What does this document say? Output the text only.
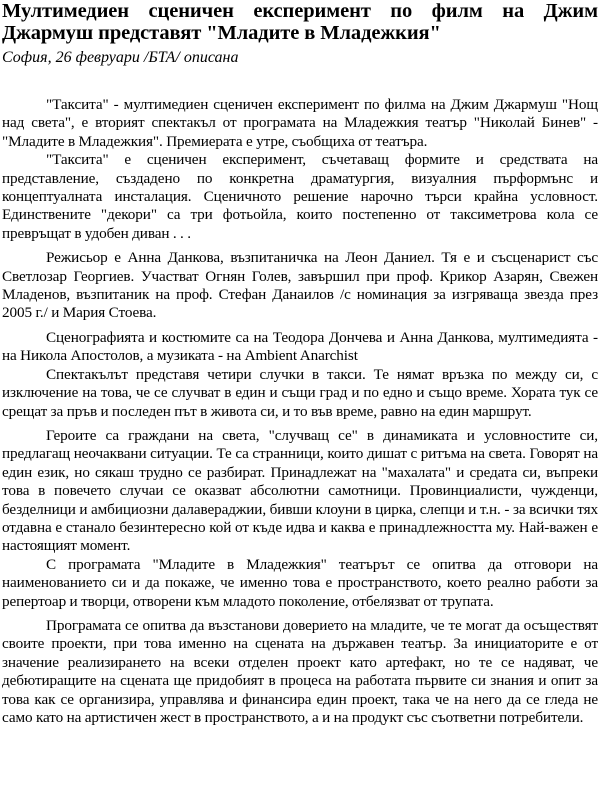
Мултимедиен сценичен експеримент по филм на Джим Джармуш представят "Младите в Младежкия"
София, 26 февруари /БТА/ описана

"Таксита" - мултимедиен сценичен експеримент по филма на Джим Джармуш "Нощ над света", е вторият спектакъл от програмата на Младежкия театър "Николай Бинев" - "Младите в Младежкия". Премиерата е утре, съобщиха от театъра.

"Таксита" е сценичен експеримент, съчетаващ формите и средствата на представление, създадено по конкретна драматургия, визуалния пърформънс и концептуалната инсталация. Сценичното решение нарочно търси крайна условност. Единствените "декори" са три фотьойла, които постепенно от таксиметрова кола се превръщат в удобен диван . . .

Режисьор е Анна Данкова, възпитаничка на Леон Даниел. Тя е и съсценарист със Светлозар Георгиев. Участват Огнян Голев, завършил при проф. Крикор Азарян, Свежен Младенов, възпитаник на проф. Стефан Данаилов /с номинация за изгряваща звезда през 2005 г./ и Мария Стоева.

Сценографията и костюмите са на Теодора Дончева и Анна Данкова, мултимедията - на Никола Апостолов, а музиката - на Ambient Anarchist

Спектакълът представя четири случки в такси. Те нямат връзка по между си, с изключение на това, че се случват в един и същи град и по едно и също време. Хората тук се срещат за пръв и последен път в живота си, и то във време, равно на един маршрут.

Героите са граждани на света, "случващ се" в динамиката и условностите си, предлагащ неочаквани ситуации. Те са странници, които дишат с ритъма на света. Говорят на един език, но сякаш трудно се разбират. Принадлежат на "махалата" и средата си, въпреки това в повечето случаи се оказват абсолютни самотници. Провинциалисти, чужденци, безделници и амбициозни далавераджии, бивши клоуни в цирка, слепци и т.н. - за всички тях отдавна е станало безинтересно кой от къде идва и каква е принадлежността му. Най-важен е настоящият момент.

С програмата "Младите в Младежкия" театърът се опитва да отговори на наименованието си и да покаже, че именно това е пространството, което реално работи за репертоар и творци, отворени към младото поколение, отбелязват от трупата.

Програмата се опитва да възстанови доверието на младите, че те могат да осъществят своите проекти, при това именно на сцената на държавен театър. За инициаторите е от значение реализирането на всеки отделен проект като артефакт, но те се надяват, че дебютиращите на сцената ще придобият в процеса на работата първите си знания и опит за това как се организира, управлява и финансира един проект, така че на него да се гледа не само като на артистичен жест в пространството, а и на продукт със съответни потребители.
